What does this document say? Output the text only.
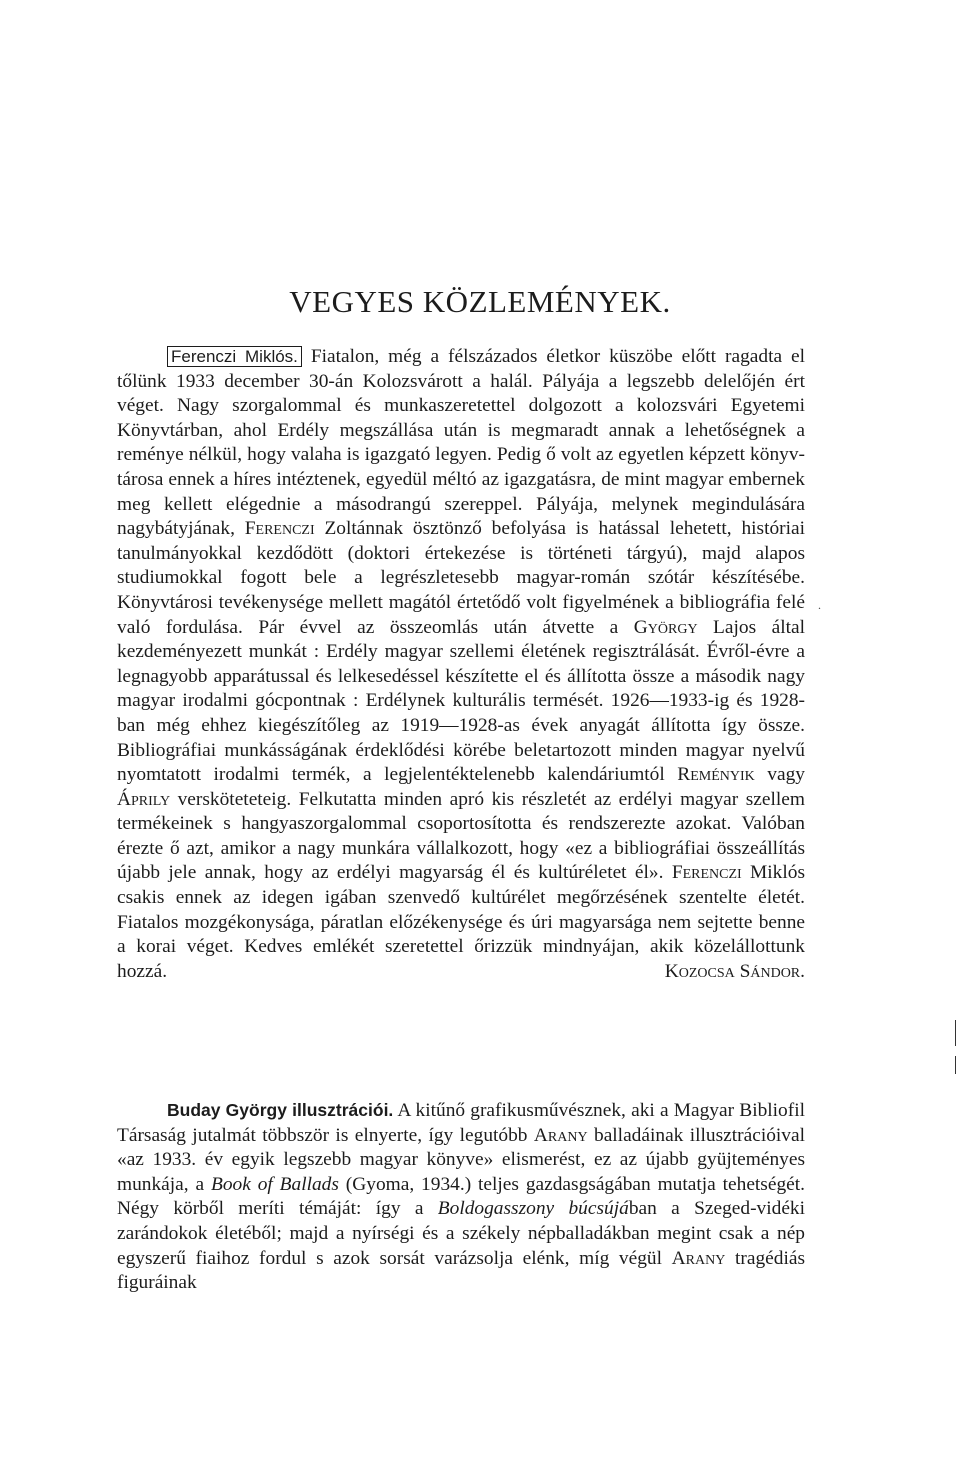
VEGYES KÖZLEMÉNYEK.

Ferenczi Miklós. Fiatalon, még a félszázados életkor küszöbe előtt ragadta el tőlünk 1933 december 30-án Kolozsvárott a halál. Pályája a legszebb delelőjén ért véget. Nagy szorgalommal és munkaszeretettel dolgozott a kolozsvári Egyetemi Könyvtárban, ahol Erdély megszállása után is megmaradt annak a lehetőségnek a reménye nélkül, hogy valaha is igazgató legyen. Pedig ő volt az egyetlen képzett könyvtárosa ennek a híres intéztenek, egyedül méltó az igazgatásra, de mint magyar embernek meg kellett elégednie a másodrangú szereppel. Pályája, melynek megindulására nagybátyjának, Ferenczi Zoltánnak ösztönző befolyása is hatással lehetett, históriai tanulmányokkal kezdődött (doktori értekezése is történeti tárgyú), majd alapos studiumokkal fogott bele a legrészletesebb magyar-román szótár készítésébe. Könyvtárosi tevékenysége mellett magától értetődő volt figyelmének a bibliográfia felé való fordulása. Pár évvel az összeomlás után átvette a György Lajos által kezdeményezett munkát : Erdély magyar szellemi életének regisztrálását. Évről-évre a legnagyobb apparátussal és lelkesedéssel készítette el és állította össze a második nagy magyar irodalmi gócpontnak : Erdélynek kulturális termését. 1926—1933-ig és 1928-ban még ehhez kiegészítőleg az 1919—1928-as évek anyagát állította így össze. Bibliográfiai munkásságának érdeklődési körébe beletartozott minden magyar nyelvű nyomtatott irodalmi termék, a legjelentéktelenebb kalendáriumtól Reményik vagy Áprily versköteteteig. Felkutatta minden apró kis részletét az erdélyi magyar szellem termékeinek s hangyaszorgalommal csoportosította és rendszerezte azokat. Valóban érezte ő azt, amikor a nagy munkára vállalkozott, hogy «ez a bibliográfiai összeállítás újabb jele annak, hogy az erdélyi magyarság él és kultúréletet él». Ferenczi Miklós csakis ennek az idegen igában szenvedő kultúrélet megőrzésének szentelte életét. Fiatalos mozgékonysága, páratlan előzékenysége és úri magyarsága nem sejtette benne a korai véget. Kedves emlékét szeretettel őrizzük mindnyájan, akik közelállottunk hozzá.	Kozocsa Sándor.

Buday György illusztrációi. A kitűnő grafikusművésznek, aki a Magyar Bibliofil Társaság jutalmát többször is elnyerte, így legutóbb Arany balladáinak illusztrációival «az 1933. év egyik legszebb magyar könyve» elismerést, ez az újabb gyüjteményes munkája, a Book of Ballads (Gyoma, 1934.) teljes gazdasgságában mutatja tehetségét. Négy körből meríti témáját: így a Boldogasszony búcsújában a Szeged-vidéki zarándokok életéből; majd a nyírségi és a székely népballadákban megint csak a nép egyszerű fiaihoz fordul s azok sorsát varázsolja elénk, míg végül Arany tragédiás figuráinak

.
